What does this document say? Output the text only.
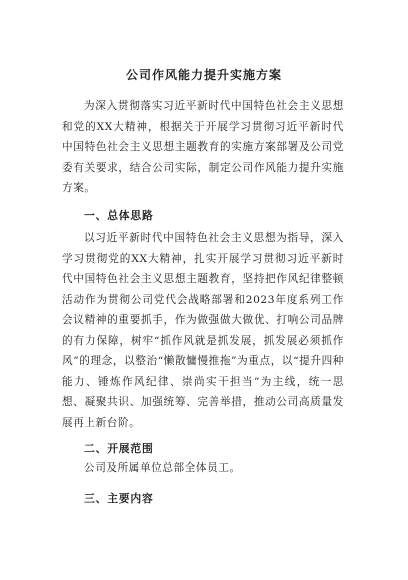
公司作风能力提升实施方案

为深入贯彻落实习近平新时代中国特色社会主义思想和党的XX大精神，根据关于开展学习贯彻习近平新时代中国特色社会主义思想主题教育的实施方案部署及公司党委有关要求，结合公司实际，制定公司作风能力提升实施方案。

一、总体思路

以习近平新时代中国特色社会主义思想为指导，深入学习贯彻党的XX大精神，扎实开展学习贯彻习近平新时代中国特色社会主义思想主题教育，坚持把作风纪律整顿活动作为贯彻公司党代会战略部署和2023年度系列工作会议精神的重要抓手，作为做强做大做优、打响公司品牌的有力保障，树牢“抓作风就是抓发展，抓发展必须抓作风”的理念，以整治“懒散慵慢推拖”为重点，以“提升四种能力、锤炼作风纪律、崇尚实干担当”为主线，统一思想、凝聚共识、加强统筹、完善举措，推动公司高质量发展再上新台阶。

二、开展范围

公司及所属单位总部全体员工。

三、主要内容
